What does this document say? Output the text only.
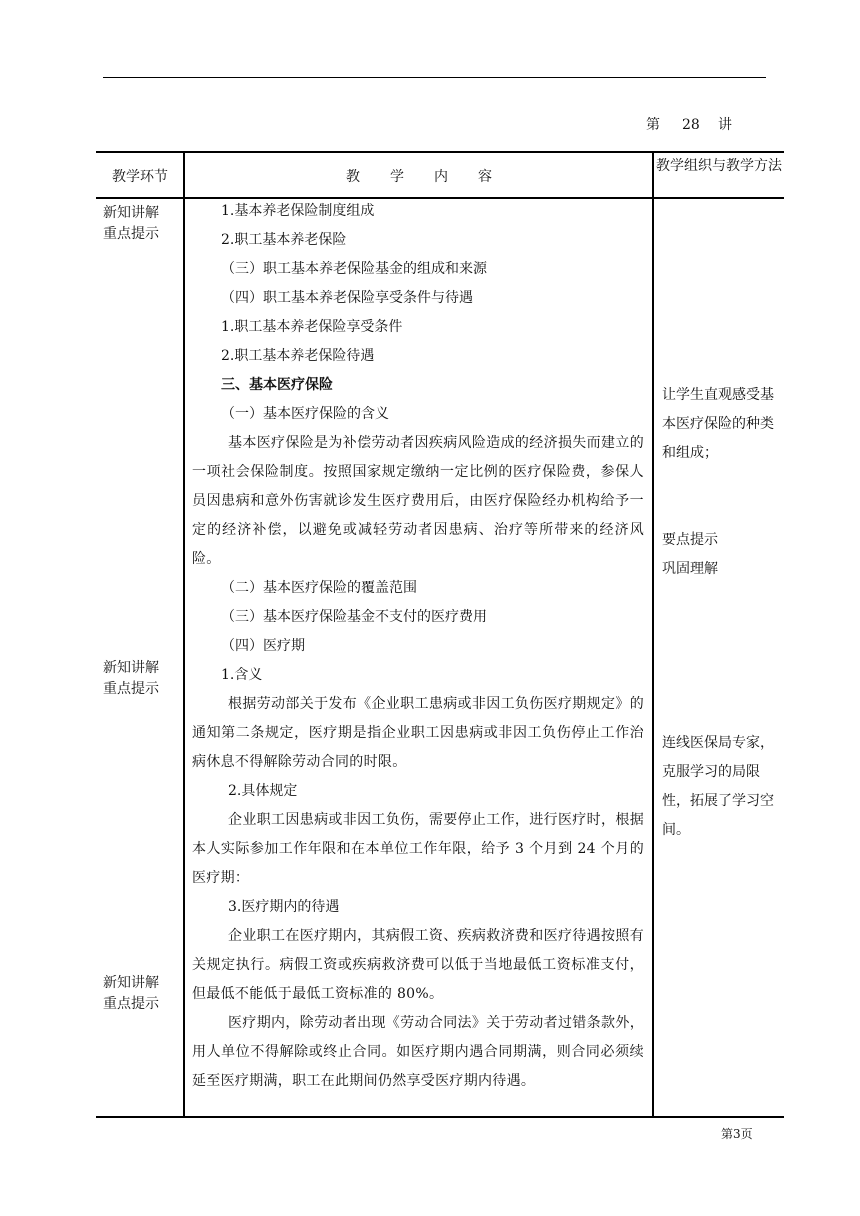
第 28 讲
教学环节	教学内容
教学组织与教学方法
新知讲解
重点提示
新知讲解
重点提示
新知讲解
重点提示
1.基本养老保险制度组成
2.职工基本养老保险
（三）职工基本养老保险基金的组成和来源
（四）职工基本养老保险享受条件与待遇
1.职工基本养老保险享受条件
2.职工基本养老保险待遇
三、基本医疗保险
（一）基本医疗保险的含义
基本医疗保险是为补偿劳动者因疾病风险造成的经济损失而建立的一项社会保险制度。按照国家规定缴纳一定比例的医疗保险费，参保人员因患病和意外伤害就诊发生医疗费用后，由医疗保险经办机构给予一定的经济补偿，以避免或减轻劳动者因患病、治疗等所带来的经济风险。
（二）基本医疗保险的覆盖范围
（三）基本医疗保险基金不支付的医疗费用
（四）医疗期
1.含义
根据劳动部关于发布《企业职工患病或非因工负伤医疗期规定》的通知第二条规定，医疗期是指企业职工因患病或非因工负伤停止工作治病休息不得解除劳动合同的时限。
2.具体规定
企业职工因患病或非因工负伤，需要停止工作，进行医疗时，根据本人实际参加工作年限和在本单位工作年限，给予 3 个月到 24 个月的医疗期：
3.医疗期内的待遇
企业职工在医疗期内，其病假工资、疾病救济费和医疗待遇按照有关规定执行。病假工资或疾病救济费可以低于当地最低工资标准支付，但最低不能低于最低工资标准的 80%。
医疗期内，除劳动者出现《劳动合同法》关于劳动者过错条款外，用人单位不得解除或终止合同。如医疗期内遇合同期满，则合同必须续延至医疗期满，职工在此期间仍然享受医疗期内待遇。
让学生直观感受基本医疗保险的种类和组成；
要点提示
巩固理解
连线医保局专家，克服学习的局限性，拓展了学习空间。
第3页
